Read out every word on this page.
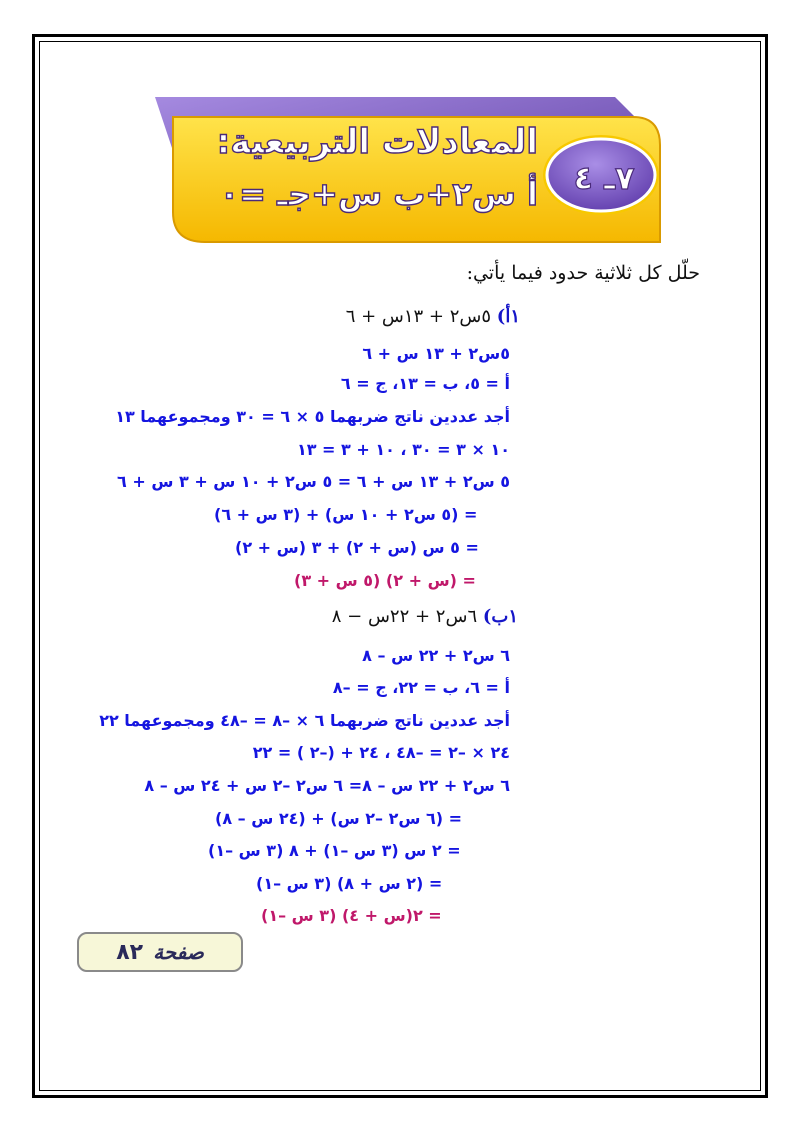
المعادلات التربيعية:
أ س٢+ب س+جـ =٠	٧ـ ٤
حلّل كل ثلاثية حدود فيما يأتي:
١أ) ٥س٢ + ١٣س + ٦
٥س٢ + ١٣ س + ٦
أ = ٥، ب = ١٣، ج = ٦
أجد عددين ناتج ضربهما ٥ × ٦ = ٣٠ ومجموعهما ١٣
١٠ × ٣ = ٣٠ ، ١٠ + ٣ = ١٣
٥ س٢ + ١٣ س + ٦ = ٥ س٢ + ١٠ س + ٣ س + ٦
= (٥ س٢ + ١٠ س) + (٣ س + ٦)
= ٥ س (س + ٢) + ٣ (س + ٢)
= (س + ٢) (٥ س + ٣)
١ب) ٦س٢ + ٢٢س − ٨
٦ س٢ + ٢٢ س – ٨
أ = ٦، ب = ٢٢، ج = –٨
أجد عددين ناتج ضربهما ٦ × –٨ = –٤٨ ومجموعهما ٢٢
٢٤ × –٢ = –٤٨ ، ٢٤ + (–٢ ) = ٢٢
٦ س٢ + ٢٢ س – ٨= ٦ س٢ –٢ س + ٢٤ س – ٨
= (٦ س٢ –٢ س) + (٢٤ س – ٨)
= ٢ س (٣ س –١) + ٨ (٣ س –١)
= (٢ س + ٨) (٣ س –١)
= ٢(س + ٤) (٣ س –١)
صفحة
٨٢
